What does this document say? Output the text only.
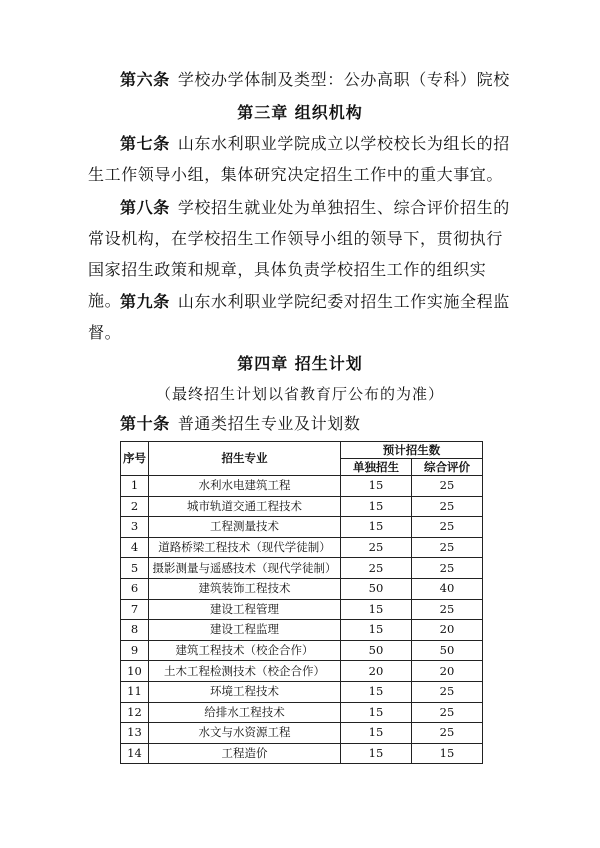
第六条 学校办学体制及类型：公办高职（专科）院校

第三章 组织机构

第七条 山东水利职业学院成立以学校校长为组长的招生工作领导小组，集体研究决定招生工作中的重大事宜。

第八条 学校招生就业处为单独招生、综合评价招生的常设机构，在学校招生工作领导小组的领导下，贯彻执行国家招生政策和规章，具体负责学校招生工作的组织实施。

第九条 山东水利职业学院纪委对招生工作实施全程监督。

第四章 招生计划

（最终招生计划以省教育厅公布的为准）

第十条 普通类招生专业及计划数

序号	招生专业	预计招生数	
		单独招生	综合评价
1	水利水电建筑工程	15	25
2	城市轨道交通工程技术	15	25
3	工程测量技术	15	25
4	道路桥梁工程技术（现代学徒制）	25	25
5	摄影测量与遥感技术（现代学徒制）	25	25
6	建筑装饰工程技术	50	40
7	建设工程管理	15	25
8	建设工程监理	15	20
9	建筑工程技术（校企合作）	50	50
10	土木工程检测技术（校企合作）	20	20
11	环境工程技术	15	25
12	给排水工程技术	15	25
13	水文与水资源工程	15	25
14	工程造价	15	15
